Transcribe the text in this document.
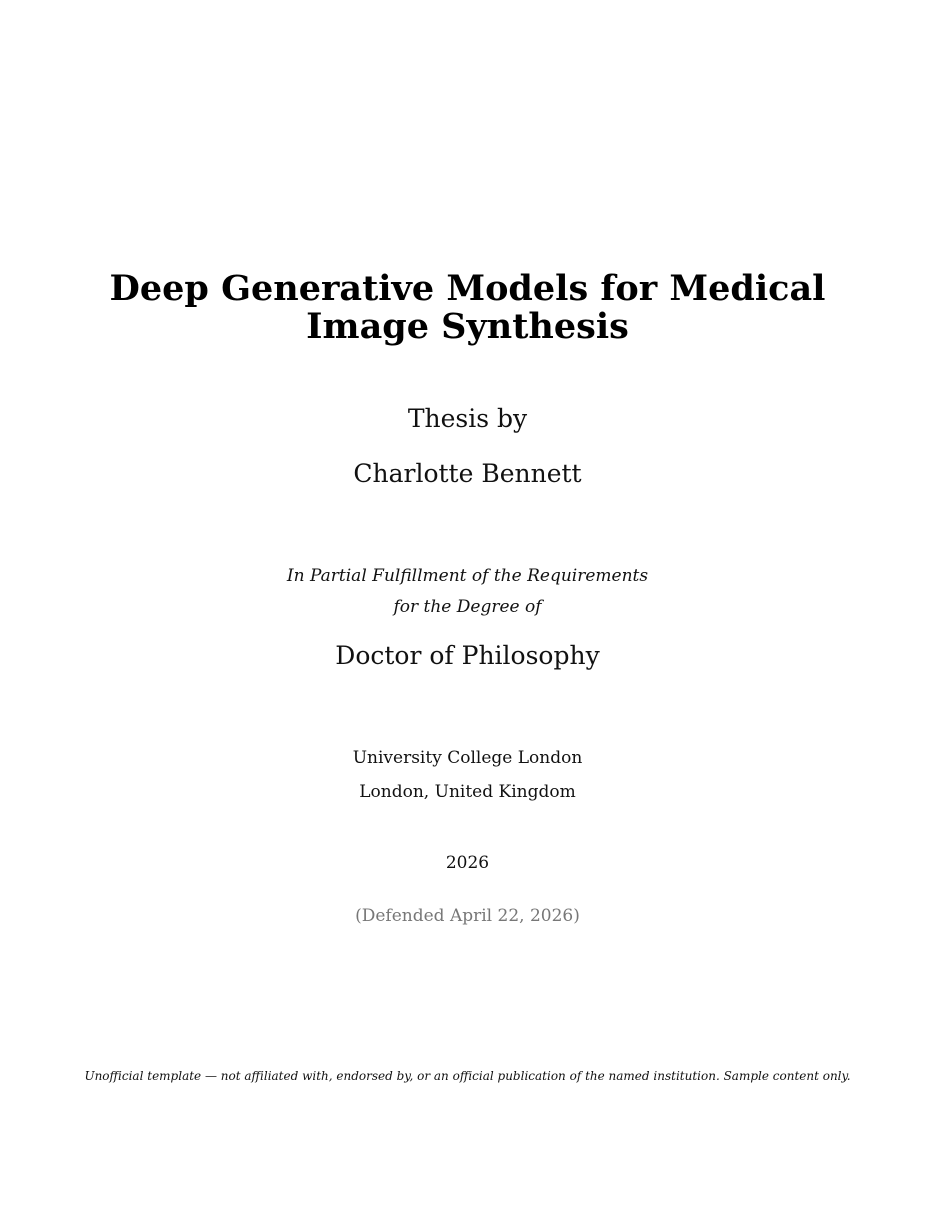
Deep Generative Models for Medical
Image Synthesis
Thesis by
Charlotte Bennett
In Partial Fulfillment of the Requirements
for the Degree of
Doctor of Philosophy
University College London
London, United Kingdom
2026
(Defended April 22, 2026)
Unofficial template — not affiliated with, endorsed by, or an official publication of the named institution. Sample content only.
